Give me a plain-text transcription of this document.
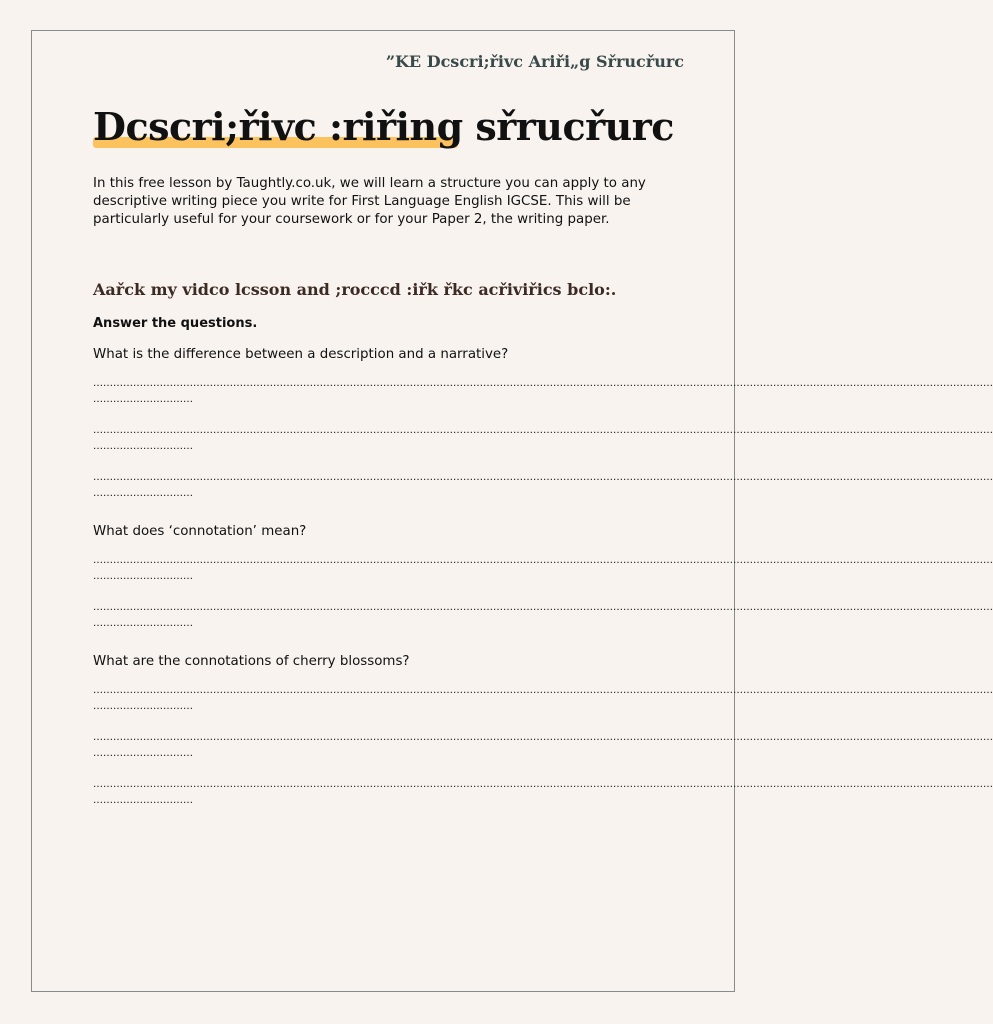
”KE Dcscri;řivc Ariři„g Sřrucřurc
Dcscri;řivc :riřing sřrucřurc

In this free lesson by Taughtly.co.uk, we will learn a structure you can apply to any descriptive writing piece you write for First Language English IGCSE. This will be particularly useful for your coursework or for your Paper 2, the writing paper.

Aařck my vidco lcsson and ;rocccd :iřk řkc acřiviřics bclo:.
Answer the questions.
What is the difference between a description and a narrative?
………………………………………………………………………………………………………………………………………………………………………………………………………………………………………………
…………………………
………………………………………………………………………………………………………………………………………………………………………………………………………………………………………………
…………………………
………………………………………………………………………………………………………………………………………………………………………………………………………………………………………………
…………………………
What does ‘connotation’ mean?
………………………………………………………………………………………………………………………………………………………………………………………………………………………………………………
…………………………
………………………………………………………………………………………………………………………………………………………………………………………………………………………………………………
…………………………
What are the connotations of cherry blossoms?
………………………………………………………………………………………………………………………………………………………………………………………………………………………………………………
…………………………
………………………………………………………………………………………………………………………………………………………………………………………………………………………………………………
…………………………
………………………………………………………………………………………………………………………………………………………………………………………………………………………………………………
…………………………
